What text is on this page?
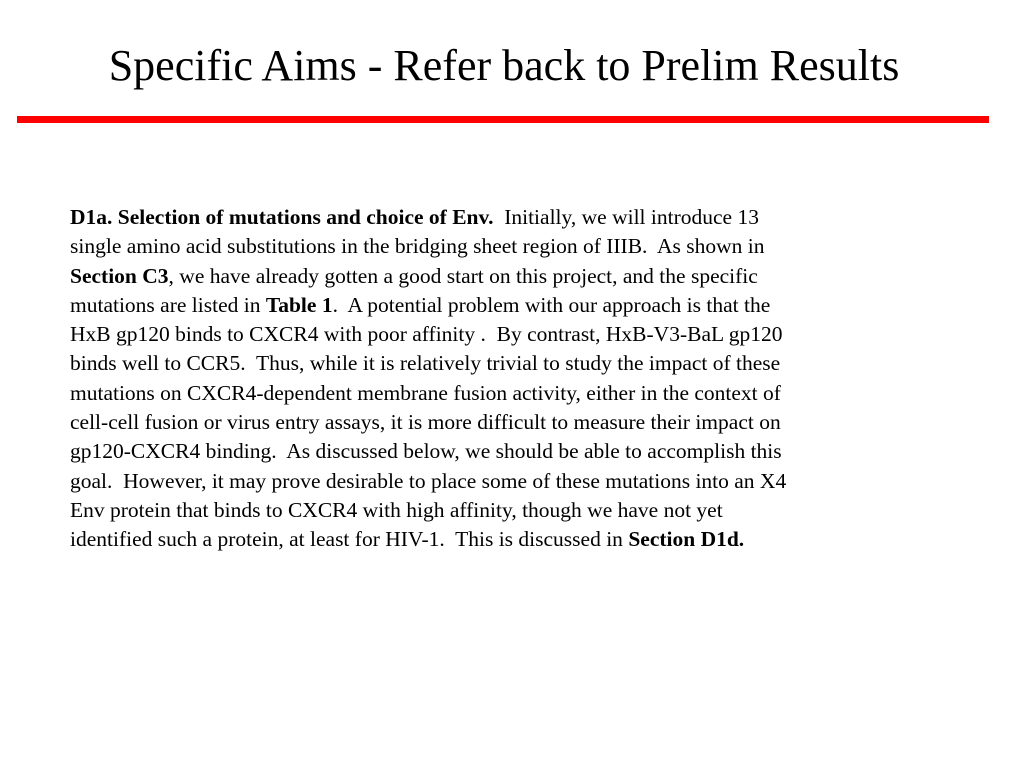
Specific Aims - Refer back to Prelim Results
D1a. Selection of mutations and choice of Env.  Initially, we will introduce 13
single amino acid substitutions in the bridging sheet region of IIIB.  As shown in
Section C3, we have already gotten a good start on this project, and the specific
mutations are listed in Table 1.  A potential problem with our approach is that the
HxB gp120 binds to CXCR4 with poor affinity .  By contrast, HxB-V3-BaL gp120
binds well to CCR5.  Thus, while it is relatively trivial to study the impact of these
mutations on CXCR4-dependent membrane fusion activity, either in the context of
cell-cell fusion or virus entry assays, it is more difficult to measure their impact on
gp120-CXCR4 binding.  As discussed below, we should be able to accomplish this
goal.  However, it may prove desirable to place some of these mutations into an X4
Env protein that binds to CXCR4 with high affinity, though we have not yet
identified such a protein, at least for HIV-1.  This is discussed in Section D1d.
